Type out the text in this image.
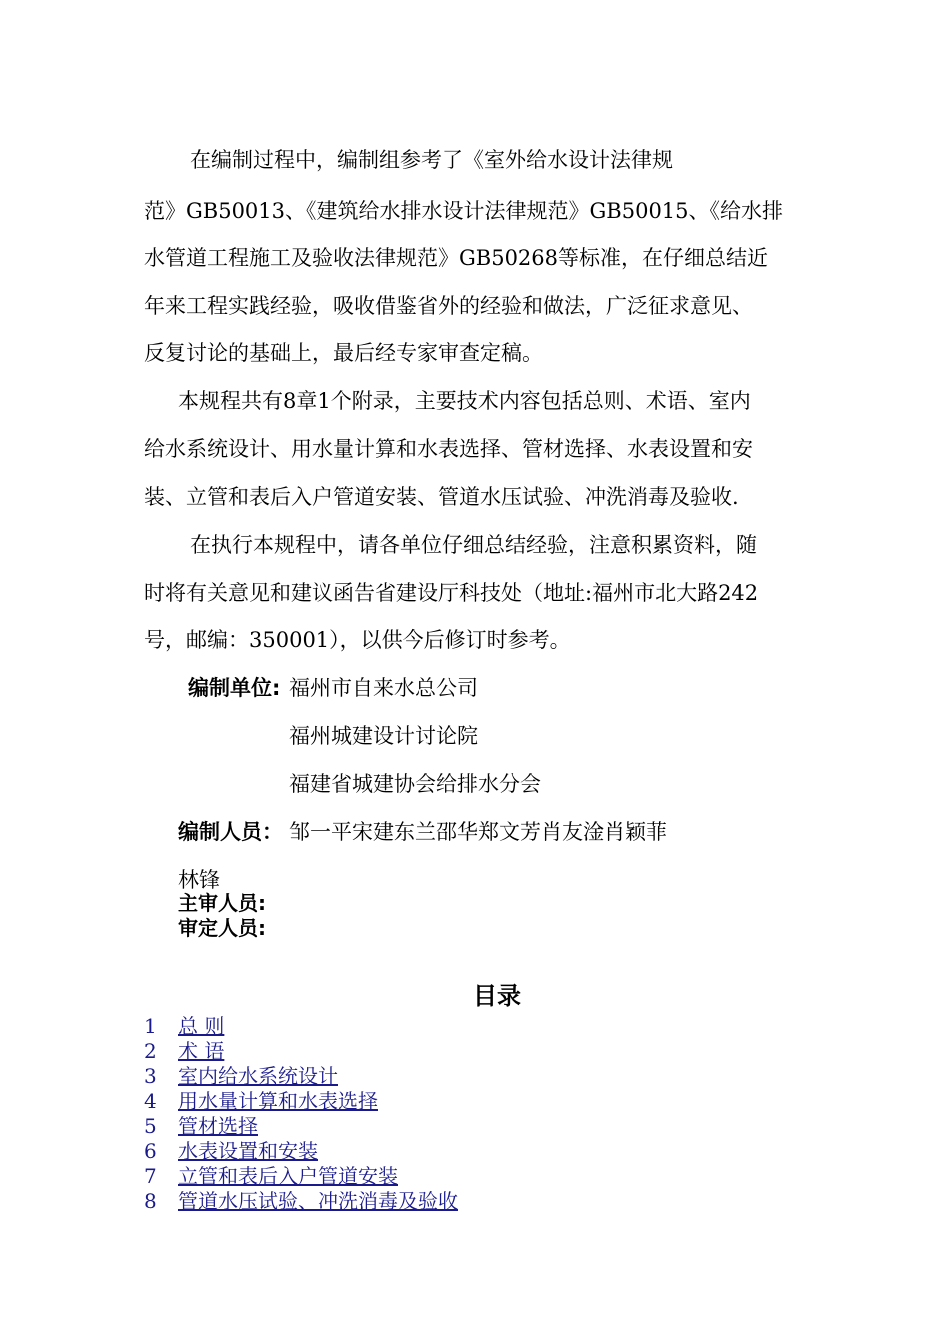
在编制过程中，编制组参考了《室外给水设计法律规
范》GB50013、《建筑给水排水设计法律规范》GB50015、《给水排
水管道工程施工及验收法律规范》GB50268等标准，在仔细总结近
年来工程实践经验，吸收借鉴省外的经验和做法，广泛征求意见、
反复讨论的基础上，最后经专家审查定稿。
本规程共有8章1个附录，主要技术内容包括总则、术语、室内
给水系统设计、用水量计算和水表选择、管材选择、水表设置和安
装、立管和表后入户管道安装、管道水压试验、冲洗消毒及验收.
在执行本规程中，请各单位仔细总结经验，注意积累资料，随
时将有关意见和建议函告省建设厅科技处（地址:福州市北大路242
号，邮编：350001），以供今后修订时参考。
编制单位: 福州市自来水总公司
福州城建设计讨论院
福建省城建协会给排水分会
编制人员： 邹一平宋建东兰邵华郑文芳肖友淦肖颖菲
林锋
主审人员:
审定人员:
目录
1 总 则
2 术 语
3 室内给水系统设计
4 用水量计算和水表选择
5 管材选择
6 水表设置和安装
7 立管和表后入户管道安装
8 管道水压试验、冲洗消毒及验收
